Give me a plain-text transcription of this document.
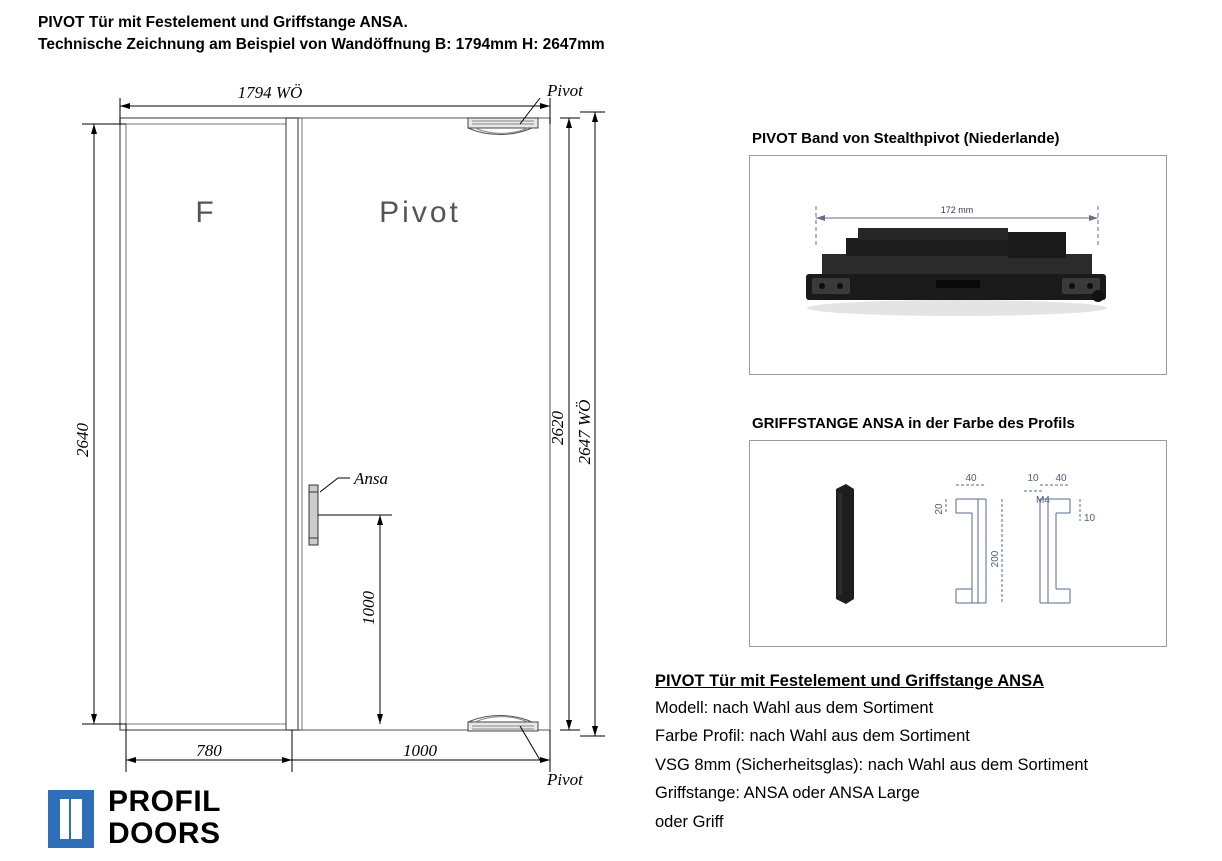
PIVOT Tür mit Festelement und Griffstange ANSA.
Technische Zeichnung am Beispiel von Wandöffnung B: 1794mm H: 2647mm
1794 WÖ
2640	2620 2647 WÖ
780	1000
1000
F	Pivot
Pivot
Pivot
Ansa
PIVOT Band von Stealthpivot (Niederlande)
172 mm
GRIFFSTANGE ANSA in der Farbe des Profils
40	10 40
20
M4
200
10
PIVOT Tür mit Festelement und Griffstange ANSA
Modell: nach Wahl aus dem Sortiment
Farbe Profil: nach Wahl aus dem Sortiment
VSG 8mm (Sicherheitsglas): nach Wahl aus dem Sortiment
Griffstange: ANSA oder ANSA Large
oder Griff
PROFIL
DOORS
